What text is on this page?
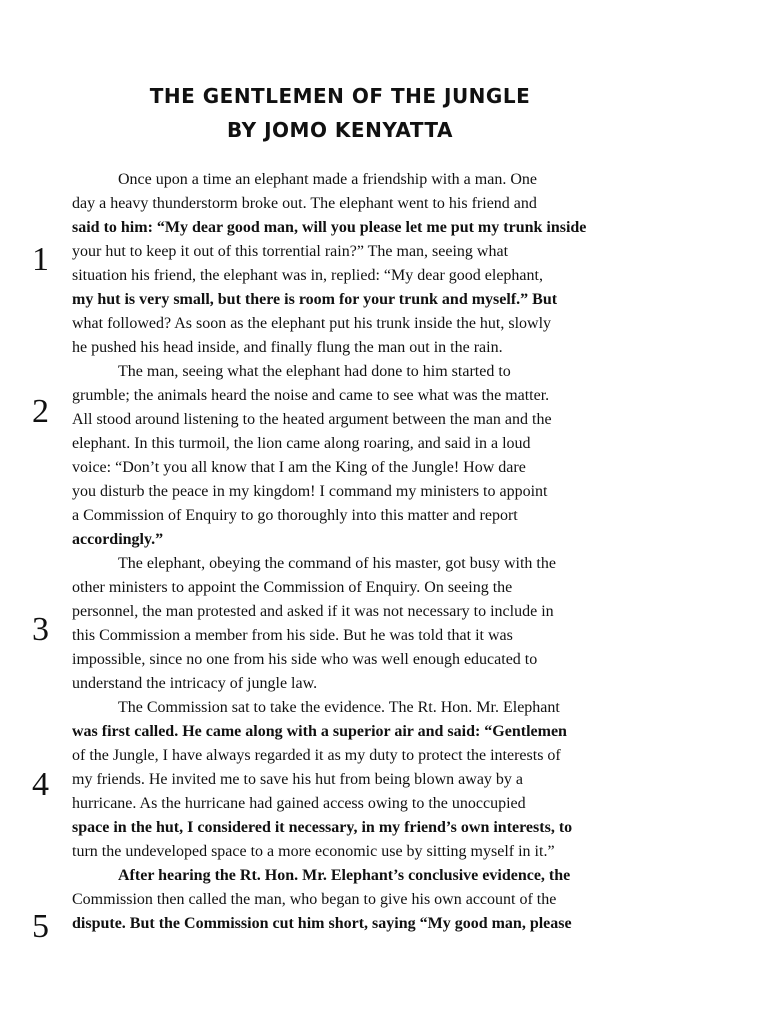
THE GENTLEMEN OF THE JUNGLE
BY JOMO KENYATTA
1
2
3
4
5
Once upon a time an elephant made a friendship with a man. One
day a heavy thunderstorm broke out. The elephant went to his friend and
said to him: “My dear good man, will you please let me put my trunk inside
your hut to keep it out of this torrential rain?” The man, seeing what
situation his friend, the elephant was in, replied: “My dear good elephant,
my hut is very small, but there is room for your trunk and myself.” But
what followed? As soon as the elephant put his trunk inside the hut, slowly
he pushed his head inside, and finally flung the man out in the rain.
The man, seeing what the elephant had done to him started to
grumble; the animals heard the noise and came to see what was the matter.
All stood around listening to the heated argument between the man and the
elephant. In this turmoil, the lion came along roaring, and said in a loud
voice: “Don’t you all know that I am the King of the Jungle! How dare
you disturb the peace in my kingdom! I command my ministers to appoint
a Commission of Enquiry to go thoroughly into this matter and report
accordingly.”
The elephant, obeying the command of his master, got busy with the
other ministers to appoint the Commission of Enquiry. On seeing the
personnel, the man protested and asked if it was not necessary to include in
this Commission a member from his side. But he was told that it was
impossible, since no one from his side who was well enough educated to
understand the intricacy of jungle law.
The Commission sat to take the evidence. The Rt. Hon. Mr. Elephant
was first called. He came along with a superior air and said: “Gentlemen
of the Jungle, I have always regarded it as my duty to protect the interests of
my friends. He invited me to save his hut from being blown away by a
hurricane. As the hurricane had gained access owing to the unoccupied
space in the hut, I considered it necessary, in my friend’s own interests, to
turn the undeveloped space to a more economic use by sitting myself in it.”
After hearing the Rt. Hon. Mr. Elephant’s conclusive evidence, the
Commission then called the man, who began to give his own account of the
dispute. But the Commission cut him short, saying “My good man, please
